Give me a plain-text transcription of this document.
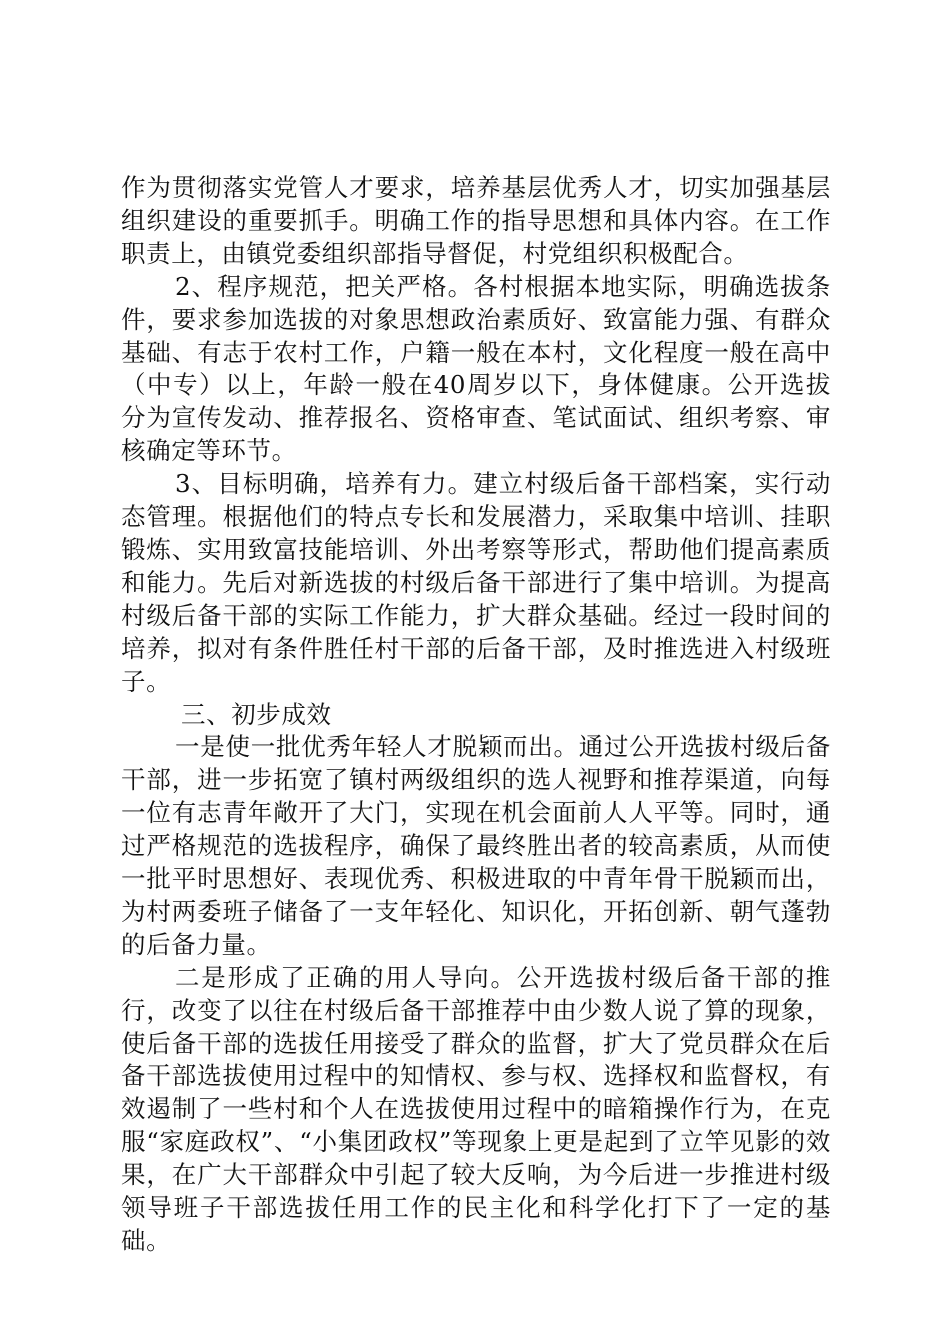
作为贯彻落实党管人才要求，培养基层优秀人才，切实加强基层组织建设的重要抓手。明确工作的指导思想和具体内容。在工作职责上，由镇党委组织部指导督促，村党组织积极配合。

2、程序规范，把关严格。各村根据本地实际，明确选拔条件，要求参加选拔的对象思想政治素质好、致富能力强、有群众基础、有志于农村工作，户籍一般在本村，文化程度一般在高中（中专）以上，年龄一般在40周岁以下，身体健康。公开选拔分为宣传发动、推荐报名、资格审查、笔试面试、组织考察、审核确定等环节。

3、目标明确，培养有力。建立村级后备干部档案，实行动态管理。根据他们的特点专长和发展潜力，采取集中培训、挂职锻炼、实用致富技能培训、外出考察等形式，帮助他们提高素质和能力。先后对新选拔的村级后备干部进行了集中培训。为提高村级后备干部的实际工作能力，扩大群众基础。经过一段时间的培养，拟对有条件胜任村干部的后备干部，及时推选进入村级班子。

三、初步成效

一是使一批优秀年轻人才脱颖而出。通过公开选拔村级后备干部，进一步拓宽了镇村两级组织的选人视野和推荐渠道，向每一位有志青年敞开了大门，实现在机会面前人人平等。同时，通过严格规范的选拔程序，确保了最终胜出者的较高素质，从而使一批平时思想好、表现优秀、积极进取的中青年骨干脱颖而出，为村两委班子储备了一支年轻化、知识化，开拓创新、朝气蓬勃的后备力量。

二是形成了正确的用人导向。公开选拔村级后备干部的推行，改变了以往在村级后备干部推荐中由少数人说了算的现象，使后备干部的选拔任用接受了群众的监督，扩大了党员群众在后备干部选拔使用过程中的知情权、参与权、选择权和监督权，有效遏制了一些村和个人在选拔使用过程中的暗箱操作行为，在克服“家庭政权”、“小集团政权”等现象上更是起到了立竿见影的效果，在广大干部群众中引起了较大反响，为今后进一步推进村级领导班子干部选拔任用工作的民主化和科学化打下了一定的基础。
